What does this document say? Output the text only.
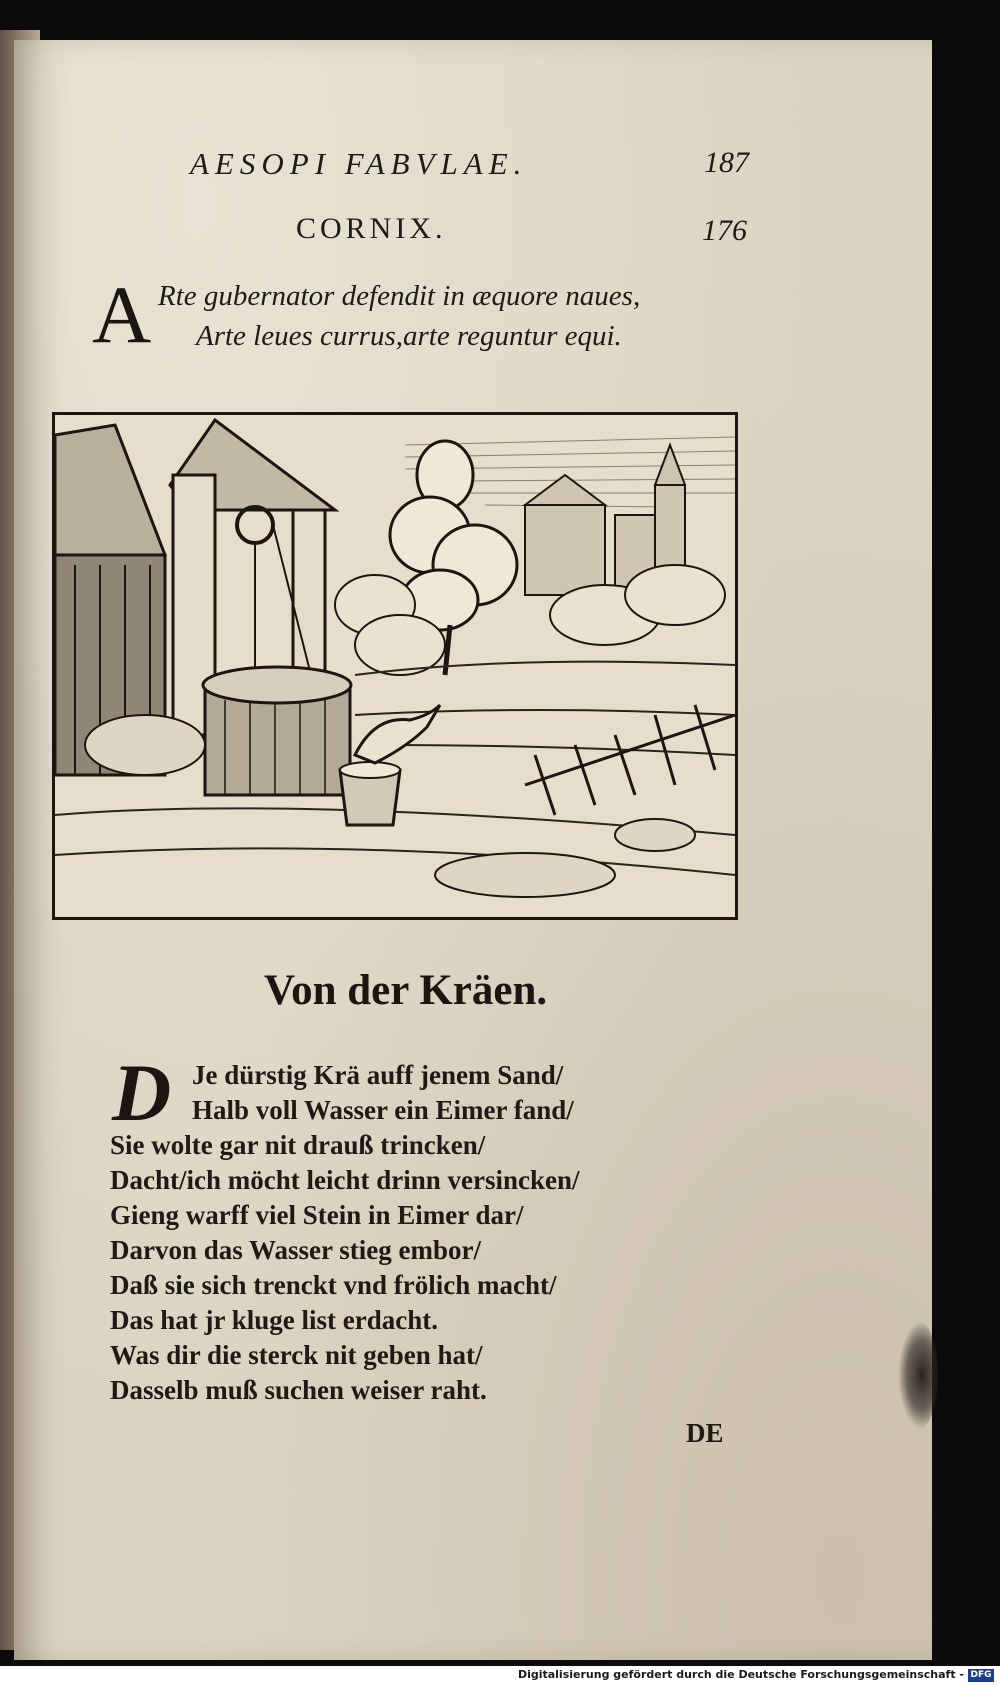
AESOPI FABVLAE.	187
CORNIX.	176
A Rte gubernator defendit in æquore naues,
Arte leues currus,arte reguntur equi.
Von der Kräen.
D Je dürstig Krä auff jenem Sand/
Halb voll Wasser ein Eimer fand/
Sie wolte gar nit drauß trincken/
Dacht/ich möcht leicht drinn versincken/
Gieng warff viel Stein in Eimer dar/
Darvon das Wasser stieg embor/
Daß sie sich trenckt vnd frölich macht/
Das hat jr kluge list erdacht.
Was dir die sterck nit geben hat/
Dasselb muß suchen weiser raht.
DE
Digitalisierung gefördert durch die Deutsche Forschungsgemeinschaft - DFG
